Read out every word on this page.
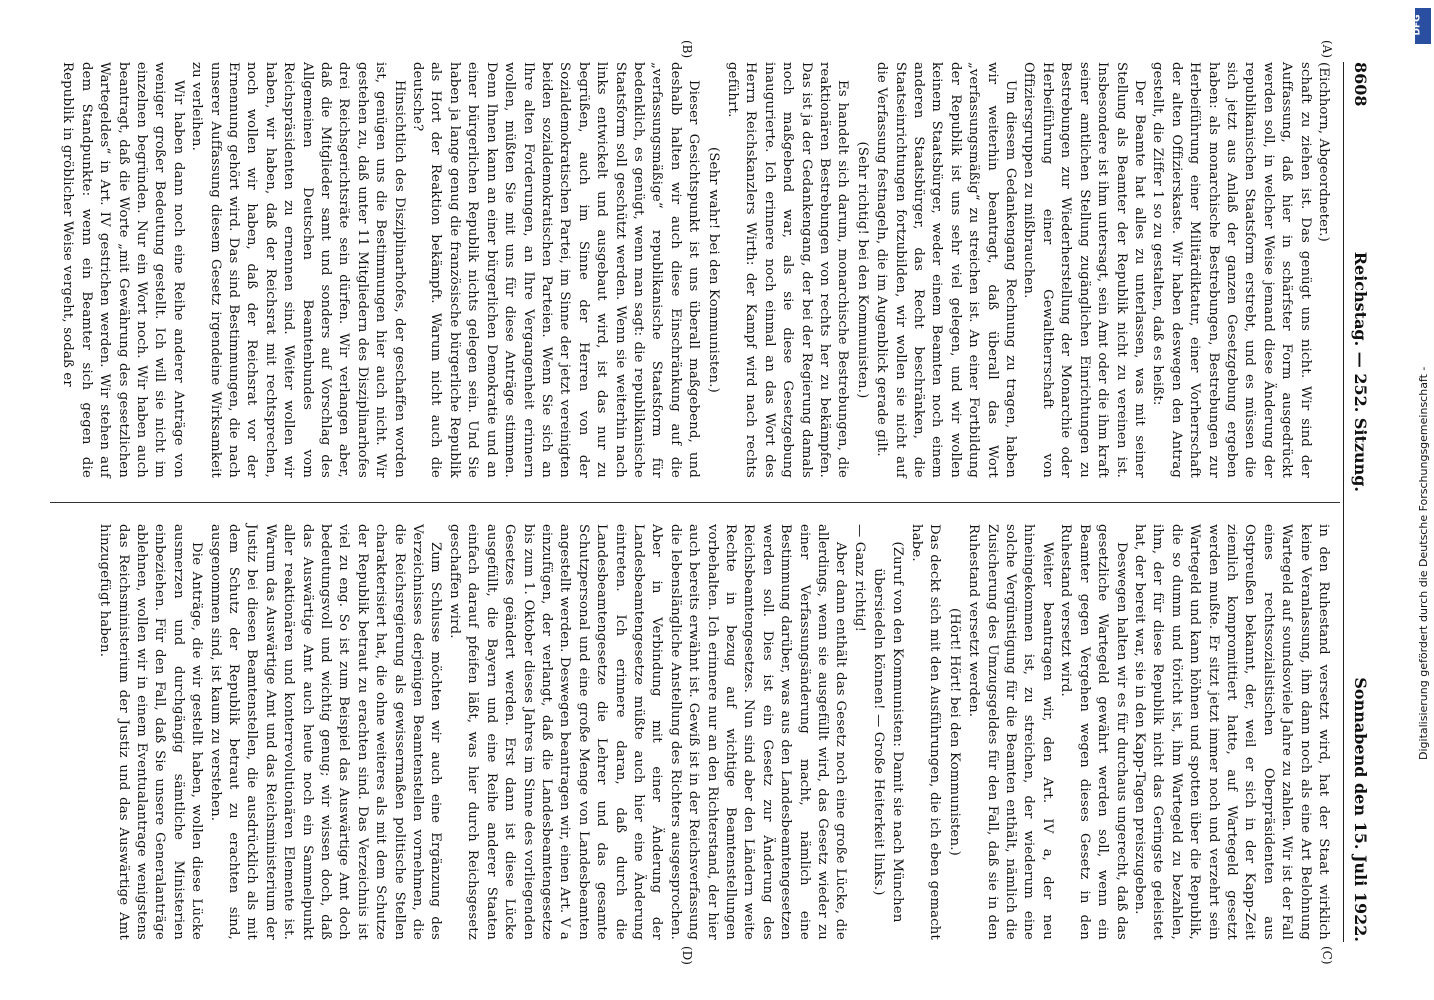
8608
Reichstag. — 252. Sitzung.
Sonnabend den 15. Juli 1922.

(Eichhorn, Abgeordneter.)

schaft zu ziehen ist. Das genügt uns nicht. Wir sind der Auffassung, daß hier in schärfster Form ausgedrückt werden soll, in welcher Weise jemand diese Änderung der republikanischen Staatsform erstrebt, und es müssen die sich jetzt aus Anlaß der ganzen Gesetzgebung ergeben haben: als monarchische Bestrebungen, Bestrebungen zur Herbeiführung einer Militärdiktatur, einer Vorherrschaft der alten Offizierskaste. Wir haben deswegen den Antrag gestellt, die Ziffer 1 so zu gestalten, daß es heißt:

Der Beamte hat alles zu unterlassen, was mit seiner Stellung als Beamter der Republik nicht zu vereinen ist. Insbesondere ist ihm untersagt, sein Amt oder die ihm kraft seiner amtlichen Stellung zugänglichen Einrichtungen zu Bestrebungen zur Wiederherstellung der Monarchie oder Herbeiführung einer Gewaltherrschaft von Offiziersgruppen zu mißbrauchen.

Um diesem Gedankengang Rechnung zu tragen, haben wir weiterhin beantragt, daß überall das Wort „verfassungsmäßig“ zu streichen ist. An einer Fortbildung der Republik ist uns sehr viel gelegen, und wir wollen keinem Staatsbürger, weder einem Beamten noch einem anderen Staatsbürger, das Recht beschränken, die Staatseinrichtungen fortzubilden, wir wollen sie nicht auf die Verfassung festnageln, die im Augenblick gerade gilt.

(Sehr richtig! bei den Kommunisten.)

Es handelt sich darum, monarchische Bestrebungen, die reaktionären Bestrebungen von rechts her zu bekämpfen. Das ist ja der Gedankengang, der bei der Regierung damals noch maßgebend war, als sie diese Gesetzgebung inaugurierte. Ich erinnere noch einmal an das Wort des Herrn Reichskanzlers Wirth: der Kampf wird nach rechts geführt.

(Sehr wahr! bei den Kommunisten.)

Dieser Gesichtspunkt ist uns überall maßgebend, und deshalb halten wir auch diese Einschränkung auf die „verfassungsmäßige“ republikanische Staatsform für bedenklich, es genügt, wenn man sagt: die republikanische Staatsform soll geschützt werden. Wenn sie weiterhin nach links entwickelt und ausgebaut wird, ist das nur zu begrüßen, auch im Sinne der Herren von der Sozialdemokratischen Partei, im Sinne der jetzt vereinigten beiden sozialdemokratischen Parteien. Wenn Sie sich an Ihre alten Forderungen, an Ihre Vergangenheit erinnern wollen, müßten Sie mit uns für diese Anträge stimmen. Denn Ihnen kann an einer bürgerlichen Demokratie und an einer bürgerlichen Republik nichts gelegen sein. Und Sie haben ja lange genug die französische bürgerliche Republik als Hort der Reaktion bekämpft. Warum nicht auch die deutsche?

Hinsichtlich des Disziplinarhofes, der geschaffen worden ist, genügen uns die Bestimmungen hier auch nicht. Wir gestehen zu, daß unter 11 Mitgliedern des Disziplinarhofes drei Reichsgerichtsräte sein dürfen. Wir verlangen aber, daß die Mitglieder samt und sonders auf Vorschlag des Allgemeinen Deutschen Beamtenbundes vom Reichspräsidenten zu ernennen sind. Weiter wollen wir haben, wir haben, daß der Reichsrat mit rechtsprechen, noch wollen wir haben, daß der Reichsrat vor der Ernennung gehört wird. Das sind Bestimmungen, die nach unserer Auffassung diesem Gesetz irgendeine Wirksamkeit zu verleihen.

Wir haben dann noch eine Reihe anderer Anträge von weniger großer Bedeutung gestellt. Ich will sie nicht im einzelnen begründen. Nur ein Wort noch. Wir haben auch beantragt, daß die Worte „mit Gewährung des gesetzlichen Wartegeldes“ in Art. IV gestrichen werden. Wir stehen auf dem Standpunkte: wenn ein Beamter sich gegen die Republik in gröblicher Weise vergeht, sodaß er

in den Ruhestand versetzt wird, hat der Staat wirklich keine Veranlassung, ihm dann noch als eine Art Belohnung Wartegeld auf soundsoviele Jahre zu zahlen. Wir ist der Fall eines rechtssozialistischen Oberpräsidenten aus Ostpreußen bekannt, der, weil er sich in der Kapp-Zeit ziemlich kompromittiert hatte, auf Wartegeld gesetzt werden mußte. Er sitzt jetzt immer noch und verzehrt sein Wartegeld und kann höhnen und spotten über die Republik, die so dumm und töricht ist, ihm Wartegeld zu bezahlen, ihm, der für diese Republik nicht das Geringste geleistet hat, der bereit war, sie in den Kapp-Tagen preiszugeben.

Deswegen halten wir es für durchaus ungerecht, daß das gesetzliche Wartegeld gewährt werden soll, wenn ein Beamter gegen Vergehen wegen dieses Gesetz in den Ruhestand versetzt wird.

Weiter beantragen wir, den Art. IV a, der neu hineingekommen ist, zu streichen, der wiederum eine solche Vergünstigung für die Beamten enthält, nämlich die Zusicherung des Umzugsgeldes für den Fall, daß sie in den Ruhestand versetzt werden.

(Hört! Hört! bei den Kommunisten.)

Das deckt sich mit den Ausführungen, die ich eben gemacht habe.

(Zuruf von den Kommunisten: Damit sie nach München übersiedeln können! — Große Heiterkeit links.)

— Ganz richtig!

Aber dann enthält das Gesetz noch eine große Lücke, die allerdings, wenn sie ausgefüllt wird, das Gesetz wieder zu einer Verfassungsänderung macht, nämlich eine Bestimmung darüber, was aus den Landesbeamtengesetzen werden soll. Dies ist ein Gesetz zur Änderung des Reichsbeamtengesetzes. Nun sind aber den Ländern weite Rechte in bezug auf wichtige Beamtenstellungen vorbehalten. Ich erinnere nur an den Richterstand, der hier auch bereits erwähnt ist. Gewiß ist in der Reichsverfassung die lebenslängliche Anstellung des Richters ausgesprochen. Aber in Verbindung mit einer Änderung der Landesbeamtengesetze müßte auch hier eine Änderung eintreten. Ich erinnere daran, daß durch die Landesbeamtengesetze die Lehrer und das gesamte Schutzpersonal und eine große Menge von Landesbeamten angestellt werden. Deswegen beantragen wir, einen Art. V a einzufügen, der verlangt, daß die Landesbeamtengesetze bis zum 1. Oktober dieses Jahres im Sinne des vorliegenden Gesetzes geändert werden. Erst dann ist diese Lücke ausgefüllt, die Bayern und eine Reihe anderer Staaten einfach darauf pfeifen läßt, was hier durch Reichsgesetz geschaffen wird.

Zum Schlusse möchten wir auch eine Ergänzung des Verzeichnisses derjenigen Beamtenstellen vornehmen, die die Reichsregierung als gewissermaßen politische Stellen charakterisiert hat, die ohne weiteres als mit dem Schutze der Republik betraut zu erachten sind. Das Verzeichnis ist viel zu eng. So ist zum Beispiel das Auswärtige Amt doch bedeutungsvoll und wichtig genug; wir wissen doch, daß das Auswärtige Amt auch heute noch ein Sammelpunkt aller reaktionären und konterrevolutionären Elemente ist. Warum das Auswärtige Amt und das Reichsministerium der Justiz bei diesen Beamtenstellen, die ausdrücklich als mit dem Schutz der Republik betraut zu erachten sind, ausgenommen sind, ist kaum zu verstehen.

Die Anträge, die wir gestellt haben, wollen diese Lücke ausmerzen und durchgängig sämtliche Ministerien einbeziehen. Für den Fall, daß Sie unsere Generalanträge ablehnen, wollen wir in einem Eventualantrage wenigstens das Reichsministerium der Justiz und das Auswärtige Amt hinzugefügt haben.

(A)
(B)
(C)
(D)
Digitalisierung gefördert durch die Deutsche Forschungsgemeinschaft -
DFG
